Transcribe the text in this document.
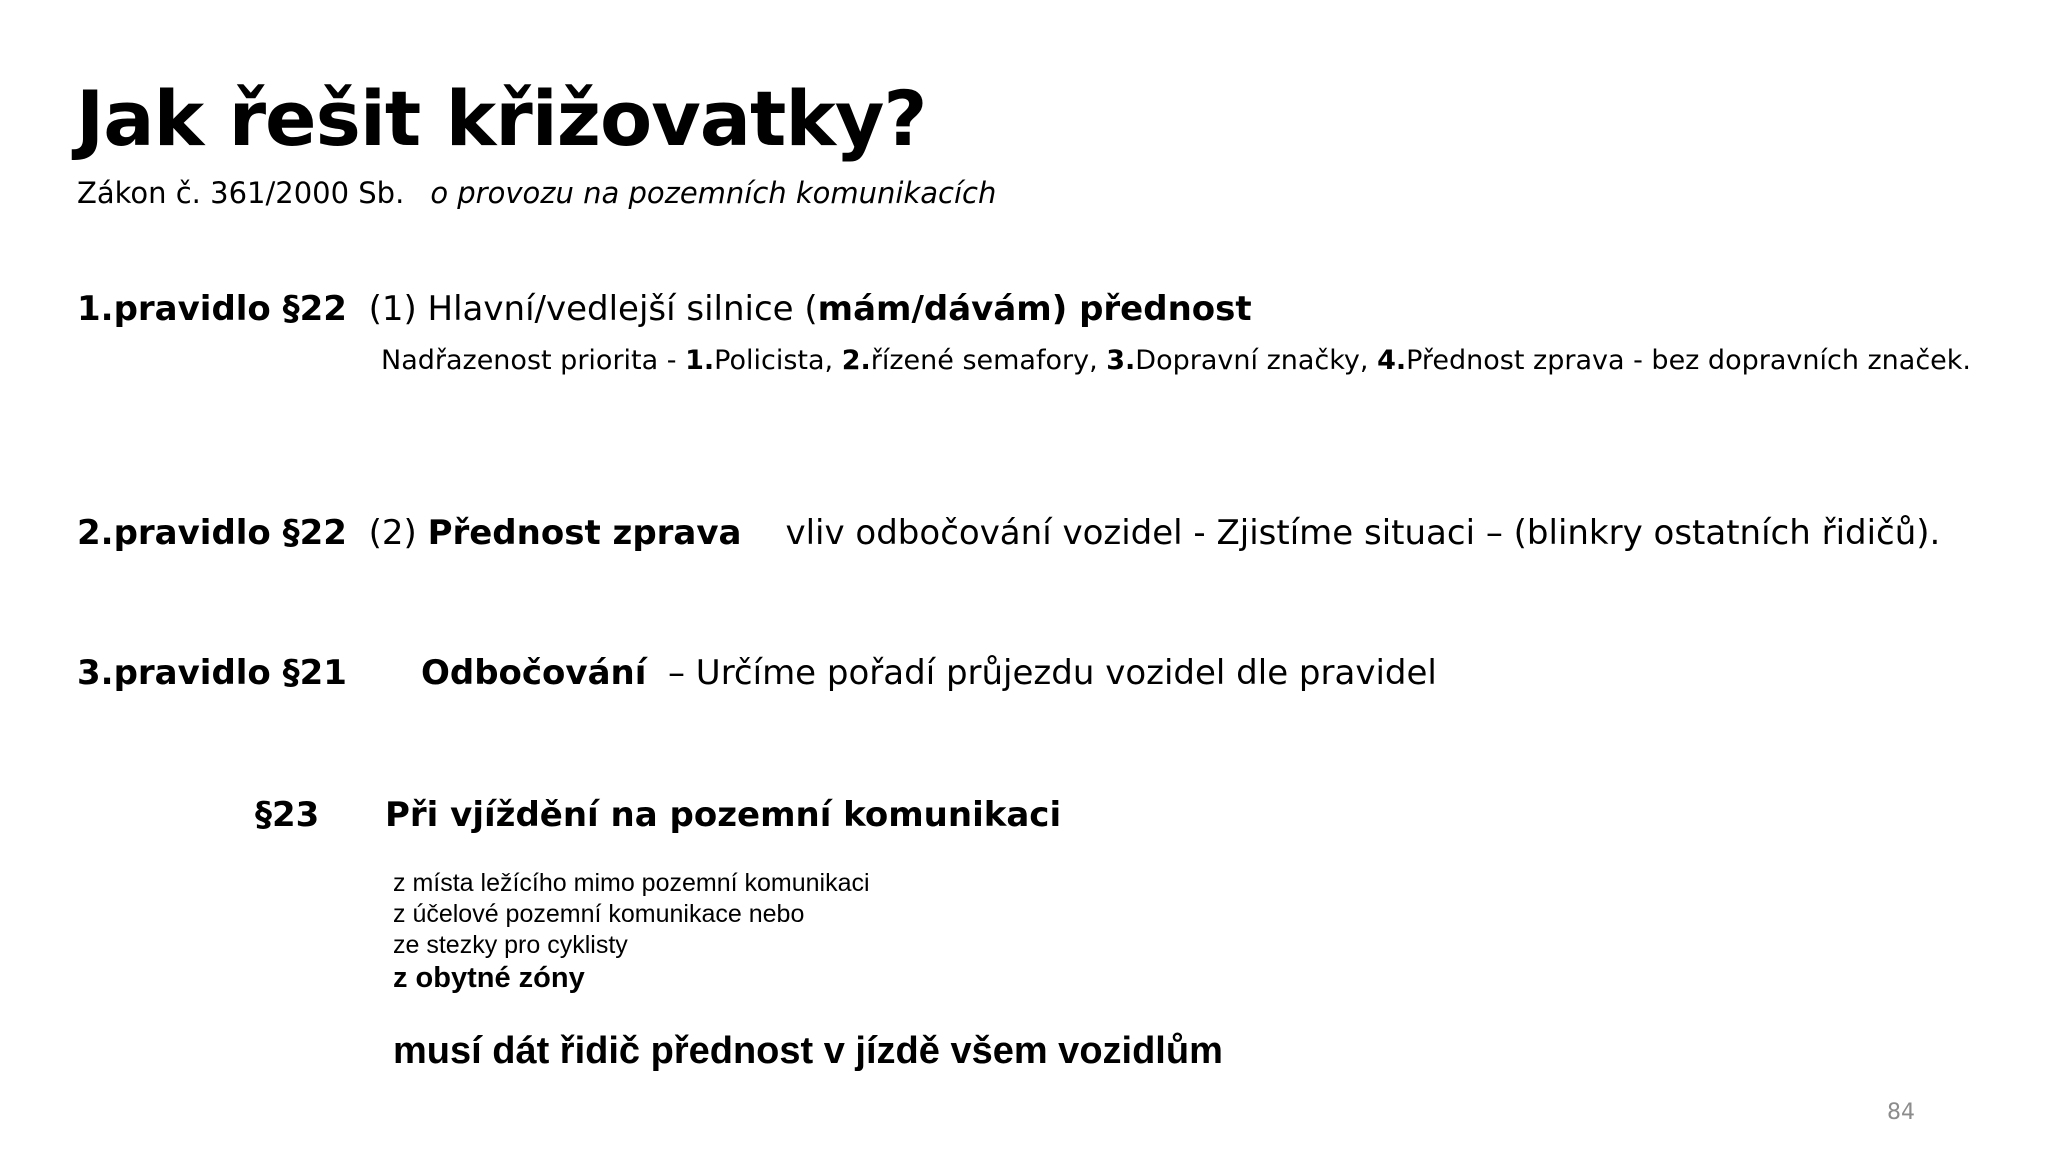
Jak řešit křižovatky?
Zákon č. 361/2000 Sb. o provozu na pozemních komunikacích
1.pravidlo §22 (1) Hlavní/vedlejší silnice (mám/dávám) přednost
Nadřazenost priorita - 1.Policista, 2.řízené semafory, 3.Dopravní značky, 4.Přednost zprava - bez dopravních značek.
2.pravidlo §22 (2) Přednost zprava vliv odbočování vozidel - Zjistíme situaci – (blinkry ostatních řidičů).
3.pravidlo §21 Odbočování – Určíme pořadí průjezdu vozidel dle pravidel
§23 Při vjíždění na pozemní komunikaci
z místa ležícího mimo pozemní komunikaci
z účelové pozemní komunikace nebo
ze stezky pro cyklisty
z obytné zóny
musí dát řidič přednost v jízdě všem vozidlům
84
